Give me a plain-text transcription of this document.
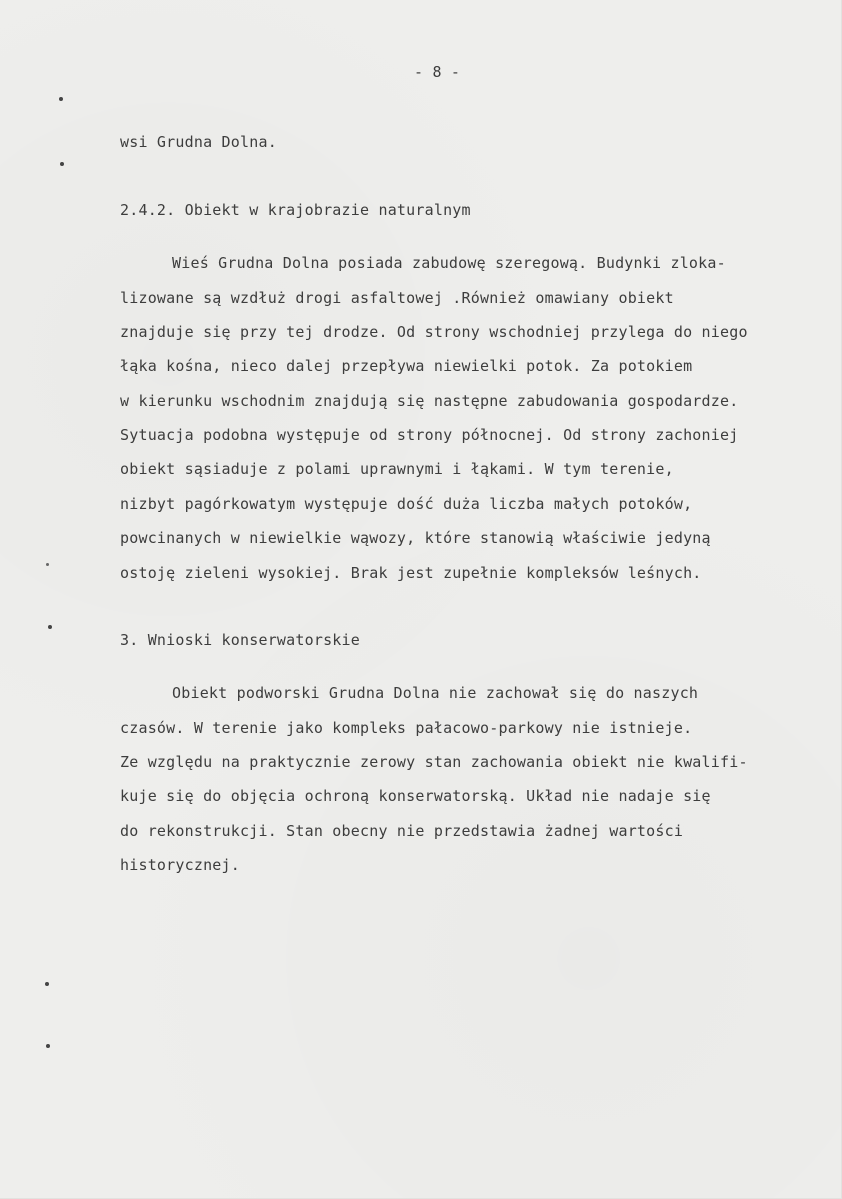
- 8 -
wsi Grudna Dolna.
2.4.2. Obiekt w krajobrazie naturalnym
Wieś Grudna Dolna posiada zabudowę szeregową. Budynki zloka-
lizowane są wzdłuż drogi asfaltowej .Również omawiany obiekt
znajduje się przy tej drodze. Od strony wschodniej przylega do niego
łąka kośna, nieco dalej przepływa niewielki potok. Za potokiem
w kierunku wschodnim znajdują się następne zabudowania gospodardze.
Sytuacja podobna występuje od strony północnej. Od strony zachoniej
obiekt sąsiaduje z polami uprawnymi i łąkami. W tym terenie,
nizbyt pagórkowatym występuje dość duża liczba małych potoków,
powcinanych w niewielkie wąwozy, które stanowią właściwie jedyną
ostoję zieleni wysokiej. Brak jest zupełnie kompleksów leśnych.
3. Wnioski konserwatorskie
Obiekt podworski Grudna Dolna nie zachował się do naszych
czasów. W terenie jako kompleks pałacowo-parkowy nie istnieje.
Ze względu na praktycznie zerowy stan zachowania obiekt nie kwalifi-
kuje się do objęcia ochroną konserwatorską. Układ nie nadaje się
do rekonstrukcji. Stan obecny nie przedstawia żadnej wartości
historycznej.
